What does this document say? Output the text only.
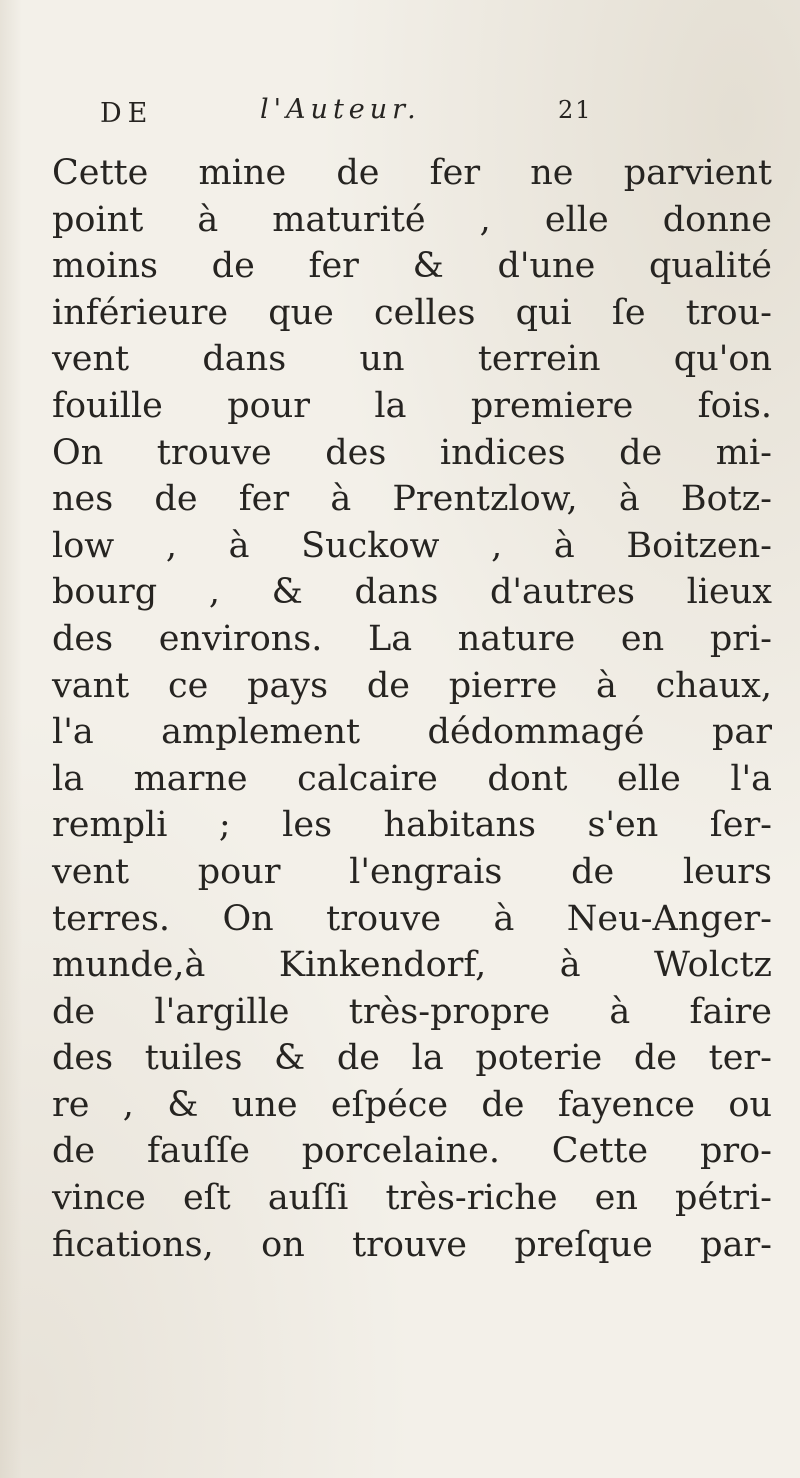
DE	l'Auteur.	21
Cette mine de fer ne parvient
point à maturité , elle donne
moins de fer & d'une qualité
inférieure que celles qui ſe trou-
vent dans un terrein qu'on
fouille pour la premiere fois.
On trouve des indices de mi-
nes de fer à Prentzlow, à Botz-
low , à Suckow , à Boitzen-
bourg , & dans d'autres lieux
des environs. La nature en pri-
vant ce pays de pierre à chaux,
l'a amplement dédommagé par
la marne calcaire dont elle l'a
rempli ; les habitans s'en ſer-
vent pour l'engrais de leurs
terres. On trouve à Neu-Anger-
munde,à Kinkendorf, à Wolctz
de l'argille très-propre à faire
des tuiles & de la poterie de ter-
re , & une eſpéce de fayence ou
de fauſſe porcelaine. Cette pro-
vince eſt auſſi très-riche en pétri-
fications, on trouve preſque par-
